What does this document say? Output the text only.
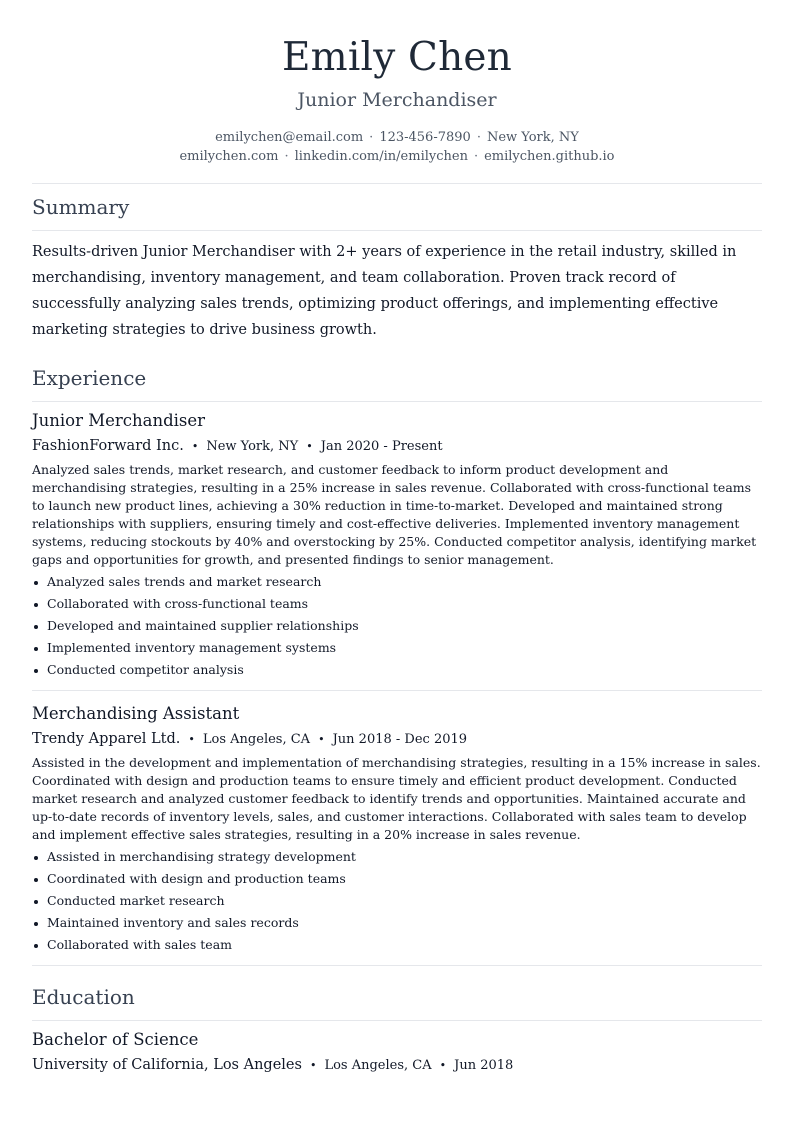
Emily Chen
Junior Merchandiser
emilychen@email.com · 123-456-7890 · New York, NY
emilychen.com · linkedin.com/in/emilychen · emilychen.github.io
Summary
Results-driven Junior Merchandiser with 2+ years of experience in the retail industry, skilled in merchandising, inventory management, and team collaboration. Proven track record of successfully analyzing sales trends, optimizing product offerings, and implementing effective marketing strategies to drive business growth.
Experience
Junior Merchandiser
FashionForward Inc. • New York, NY • Jan 2020 - Present
Analyzed sales trends, market research, and customer feedback to inform product development and merchandising strategies, resulting in a 25% increase in sales revenue. Collaborated with cross-functional teams to launch new product lines, achieving a 30% reduction in time-to-market. Developed and maintained strong relationships with suppliers, ensuring timely and cost-effective deliveries. Implemented inventory management systems, reducing stockouts by 40% and overstocking by 25%. Conducted competitor analysis, identifying market gaps and opportunities for growth, and presented findings to senior management.
Analyzed sales trends and market research
Collaborated with cross-functional teams
Developed and maintained supplier relationships
Implemented inventory management systems
Conducted competitor analysis
Merchandising Assistant
Trendy Apparel Ltd. • Los Angeles, CA • Jun 2018 - Dec 2019
Assisted in the development and implementation of merchandising strategies, resulting in a 15% increase in sales. Coordinated with design and production teams to ensure timely and efficient product development. Conducted market research and analyzed customer feedback to identify trends and opportunities. Maintained accurate and up-to-date records of inventory levels, sales, and customer interactions. Collaborated with sales team to develop and implement effective sales strategies, resulting in a 20% increase in sales revenue.
Assisted in merchandising strategy development
Coordinated with design and production teams
Conducted market research
Maintained inventory and sales records
Collaborated with sales team
Education
Bachelor of Science
University of California, Los Angeles • Los Angeles, CA • Jun 2018
